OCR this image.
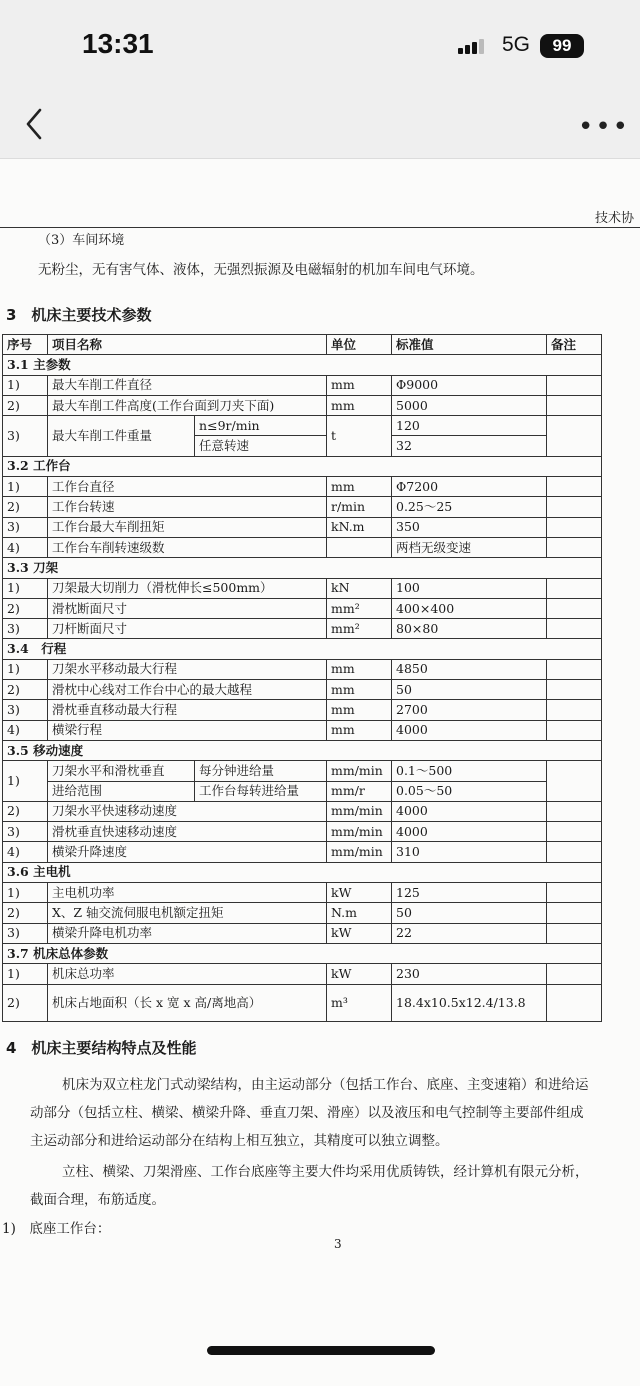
13:31	5G	99
•••
技术协
（3）车间环境
无粉尘，无有害气体、液体，无强烈振源及电磁辐射的机加车间电气环境。
3　机床主要技术参数
序号	项目名称		单位	标准值	备注
3.1 主参数					
1)	最大车削工件直径		mm	Φ9000	
2)	最大车削工件高度(工作台面到刀夹下面)		mm	5000	
3)	最大车削工件重量	n≤9r/min	t	120	
		任意转速		32	
3.2 工作台					
1)	工作台直径		mm	Φ7200	
2)	工作台转速		r/min	0.25～25	
3)	工作台最大车削扭矩		kN.m	350	
4)	工作台车削转速级数			两档无级变速	
3.3 刀架					
1)	刀架最大切削力（滑枕伸长≤500mm）		kN	100	
2)	滑枕断面尺寸		mm²	400×400	
3)	刀杆断面尺寸		mm²	80×80	
3.4　行程					
1)	刀架水平移动最大行程		mm	4850	
2)	滑枕中心线对工作台中心的最大越程		mm	50	
3)	滑枕垂直移动最大行程		mm	2700	
4)	横梁行程		mm	4000	
3.5 移动速度					
1)	刀架水平和滑枕垂直	每分钟进给量	mm/min	0.1～500	
	进给范围	工作台每转进给量	mm/r	0.05～50	
2)	刀架水平快速移动速度		mm/min	4000	
3)	滑枕垂直快速移动速度		mm/min	4000	
4)	横梁升降速度		mm/min	310	
3.6 主电机					
1)	主电机功率		kW	125	
2)	X、Z 轴交流伺服电机额定扭矩		N.m	50	
3)	横梁升降电机功率		kW	22	
3.7 机床总体参数					
1)	机床总功率		kW	230	
2)	机床占地面积（长 x 宽 x 高/离地高）		m³	18.4x10.5x12.4/13.8	
4　机床主要结构特点及性能
机床为双立柱龙门式动梁结构，由主运动部分（包括工作台、底座、主变速箱）和进给运
动部分（包括立柱、横梁、横梁升降、垂直刀架、滑座）以及液压和电气控制等主要部件组成
主运动部分和进给运动部分在结构上相互独立，其精度可以独立调整。
立柱、横梁、刀架滑座、工作台底座等主要大件均采用优质铸铁，经计算机有限元分析，
截面合理，布筋适度。
1)　底座工作台：
3
